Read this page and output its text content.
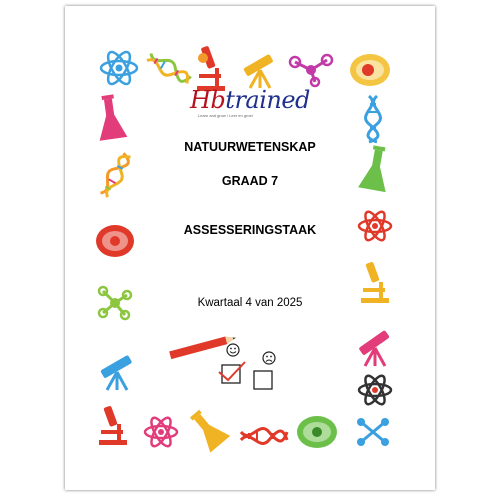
Hbtrained
Learn and grow / Leer en groei
NATUURWETENSKAP
GRAAD 7
ASSESSERINGSTAAK
Kwartaal 4 van 2025
